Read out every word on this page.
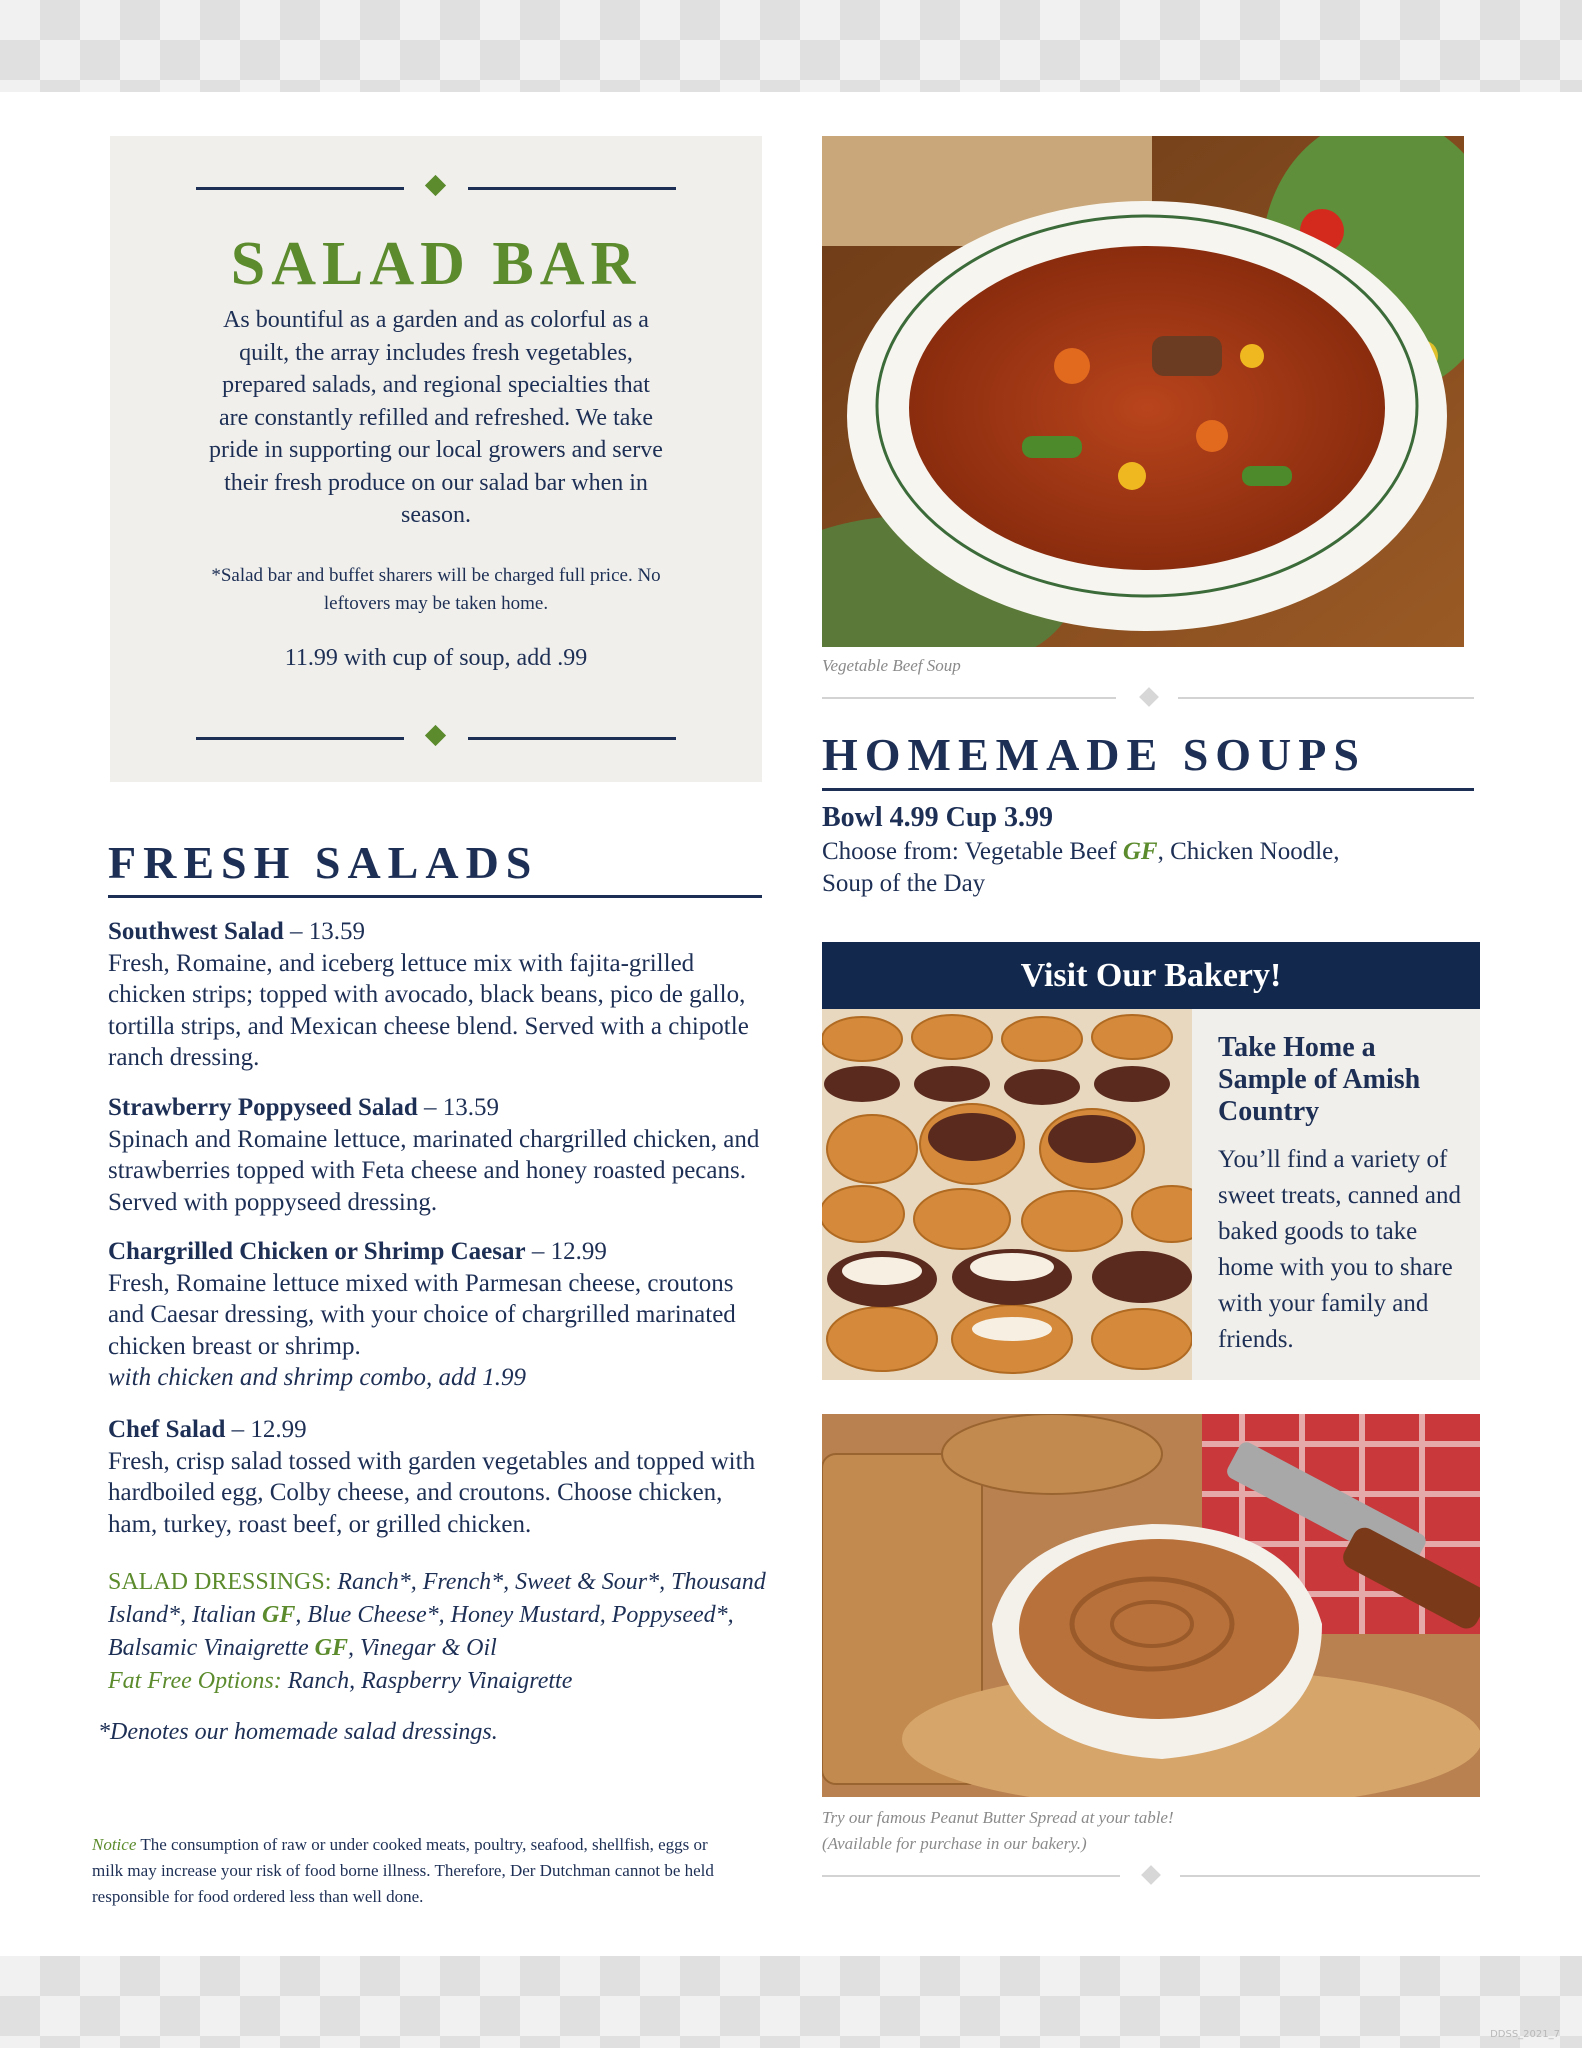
SALAD BAR
As bountiful as a garden and as colorful as a quilt, the array includes fresh vegetables, prepared salads, and regional specialties that are constantly refilled and refreshed. We take pride in supporting our local growers and serve their fresh produce on our salad bar when in season.
*Salad bar and buffet sharers will be charged full price. No leftovers may be taken home.
11.99 with cup of soup, add .99
FRESH SALADS
Southwest Salad – 13.59
Fresh, Romaine, and iceberg lettuce mix with fajita-grilled chicken strips; topped with avocado, black beans, pico de gallo, tortilla strips, and Mexican cheese blend. Served with a chipotle ranch dressing.
Strawberry Poppyseed Salad – 13.59
Spinach and Romaine lettuce, marinated chargrilled chicken, and strawberries topped with Feta cheese and honey roasted pecans. Served with poppyseed dressing.
Chargrilled Chicken or Shrimp Caesar – 12.99
Fresh, Romaine lettuce mixed with Parmesan cheese, croutons and Caesar dressing, with your choice of chargrilled marinated chicken breast or shrimp.
with chicken and shrimp combo, add 1.99
Chef Salad – 12.99
Fresh, crisp salad tossed with garden vegetables and topped with hardboiled egg, Colby cheese, and croutons. Choose chicken, ham, turkey, roast beef, or grilled chicken.
SALAD DRESSINGS: Ranch*, French*, Sweet & Sour*, Thousand Island*, Italian GF, Blue Cheese*, Honey Mustard, Poppyseed*, Balsamic Vinaigrette GF, Vinegar & Oil
Fat Free Options: Ranch, Raspberry Vinaigrette
*Denotes our homemade salad dressings.
Notice The consumption of raw or under cooked meats, poultry, seafood, shellfish, eggs or milk may increase your risk of food borne illness. Therefore, Der Dutchman cannot be held responsible for food ordered less than well done.
Vegetable Beef Soup
HOMEMADE SOUPS
Bowl 4.99 Cup 3.99
Choose from: Vegetable Beef GF, Chicken Noodle, Soup of the Day
Visit Our Bakery!
Take Home a Sample of Amish Country
You’ll find a variety of sweet treats, canned and baked goods to take home with you to share with your family and friends.
Try our famous Peanut Butter Spread at your table!
(Available for purchase in our bakery.)
DDSS_2021_7
